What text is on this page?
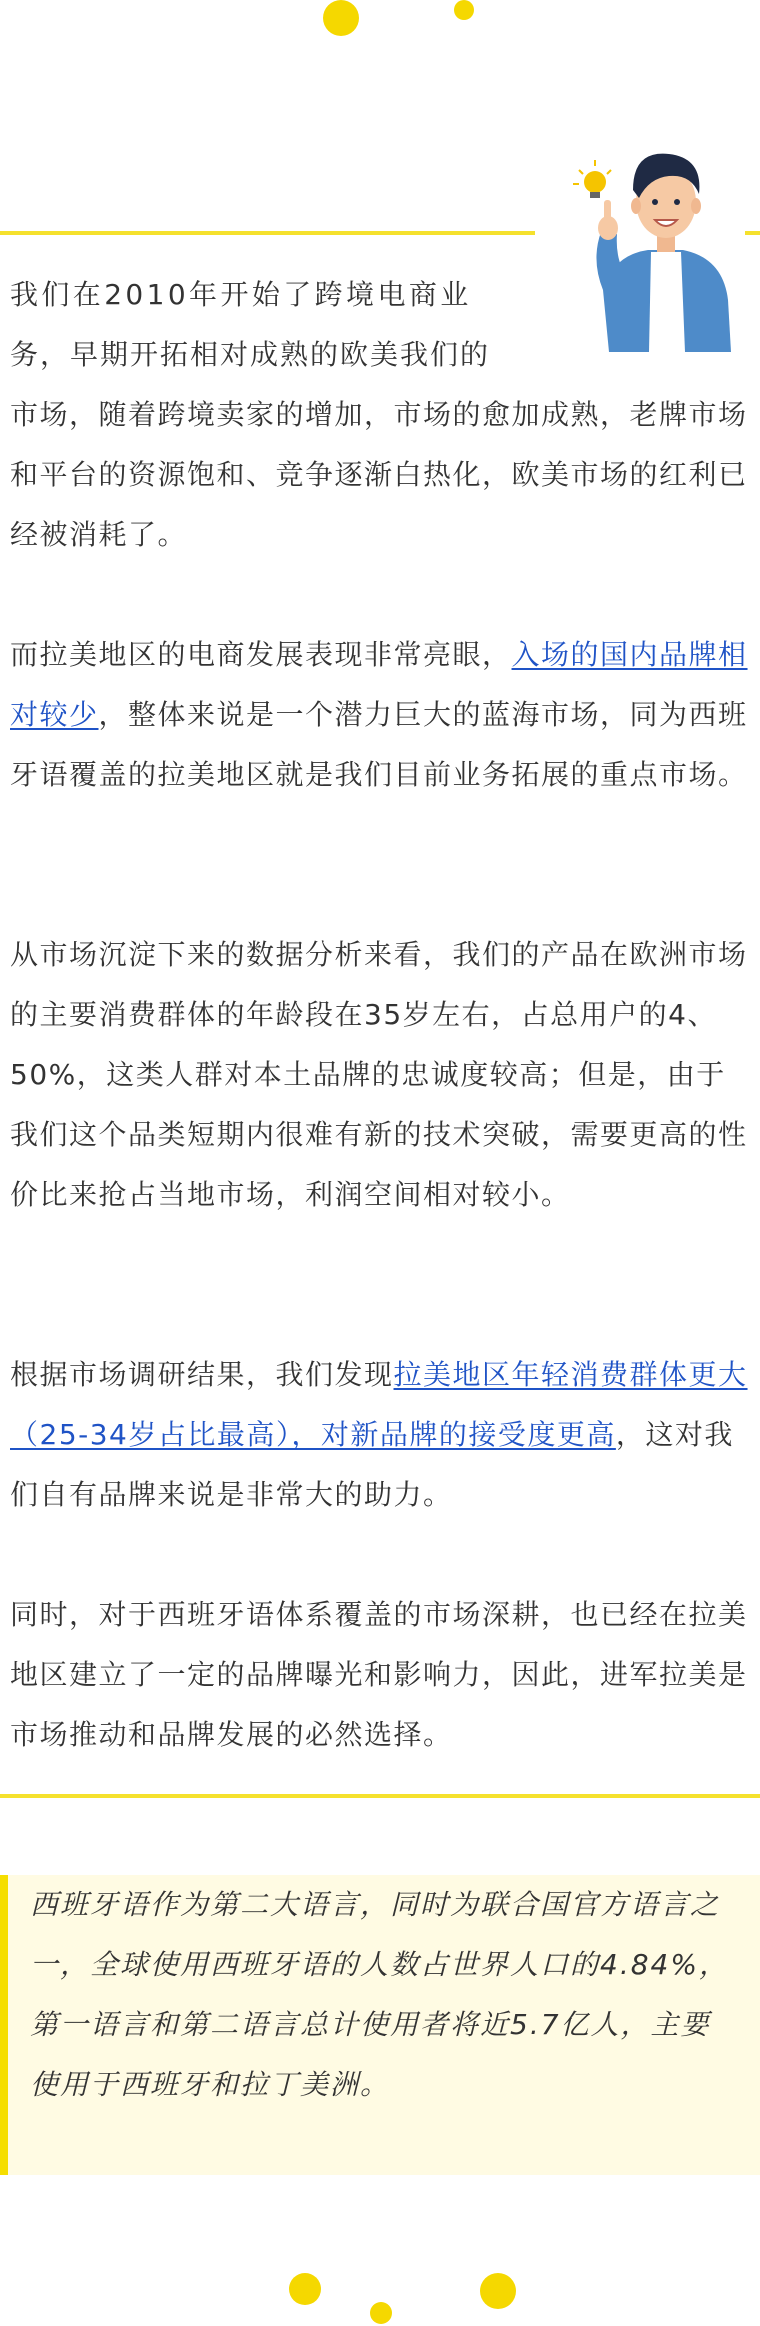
我们在2010年开始了跨境电商业
务，早期开拓相对成熟的欧美我们的

市场，随着跨境卖家的增加，市场的愈加成熟，老牌市场和平台的资源饱和、竞争逐渐白热化，欧美市场的红利已经被消耗了。

而拉美地区的电商发展表现非常亮眼，入场的国内品牌相对较少，整体来说是一个潜力巨大的蓝海市场，同为西班牙语覆盖的拉美地区就是我们目前业务拓展的重点市场。

从市场沉淀下来的数据分析来看，我们的产品在欧洲市场的主要消费群体的年龄段在35岁左右，占总用户的4、50%，这类人群对本土品牌的忠诚度较高；但是，由于我们这个品类短期内很难有新的技术突破，需要更高的性价比来抢占当地市场，利润空间相对较小。

根据市场调研结果，我们发现拉美地区年轻消费群体更大（25-34岁占比最高），对新品牌的接受度更高，这对我们自有品牌来说是非常大的助力。

同时，对于西班牙语体系覆盖的市场深耕，也已经在拉美地区建立了一定的品牌曝光和影响力，因此，进军拉美是市场推动和品牌发展的必然选择。

西班牙语作为第二大语言，同时为联合国官方语言之一，全球使用西班牙语的人数占世界人口的4.84%，第一语言和第二语言总计使用者将近5.7亿人，主要使用于西班牙和拉丁美洲。
